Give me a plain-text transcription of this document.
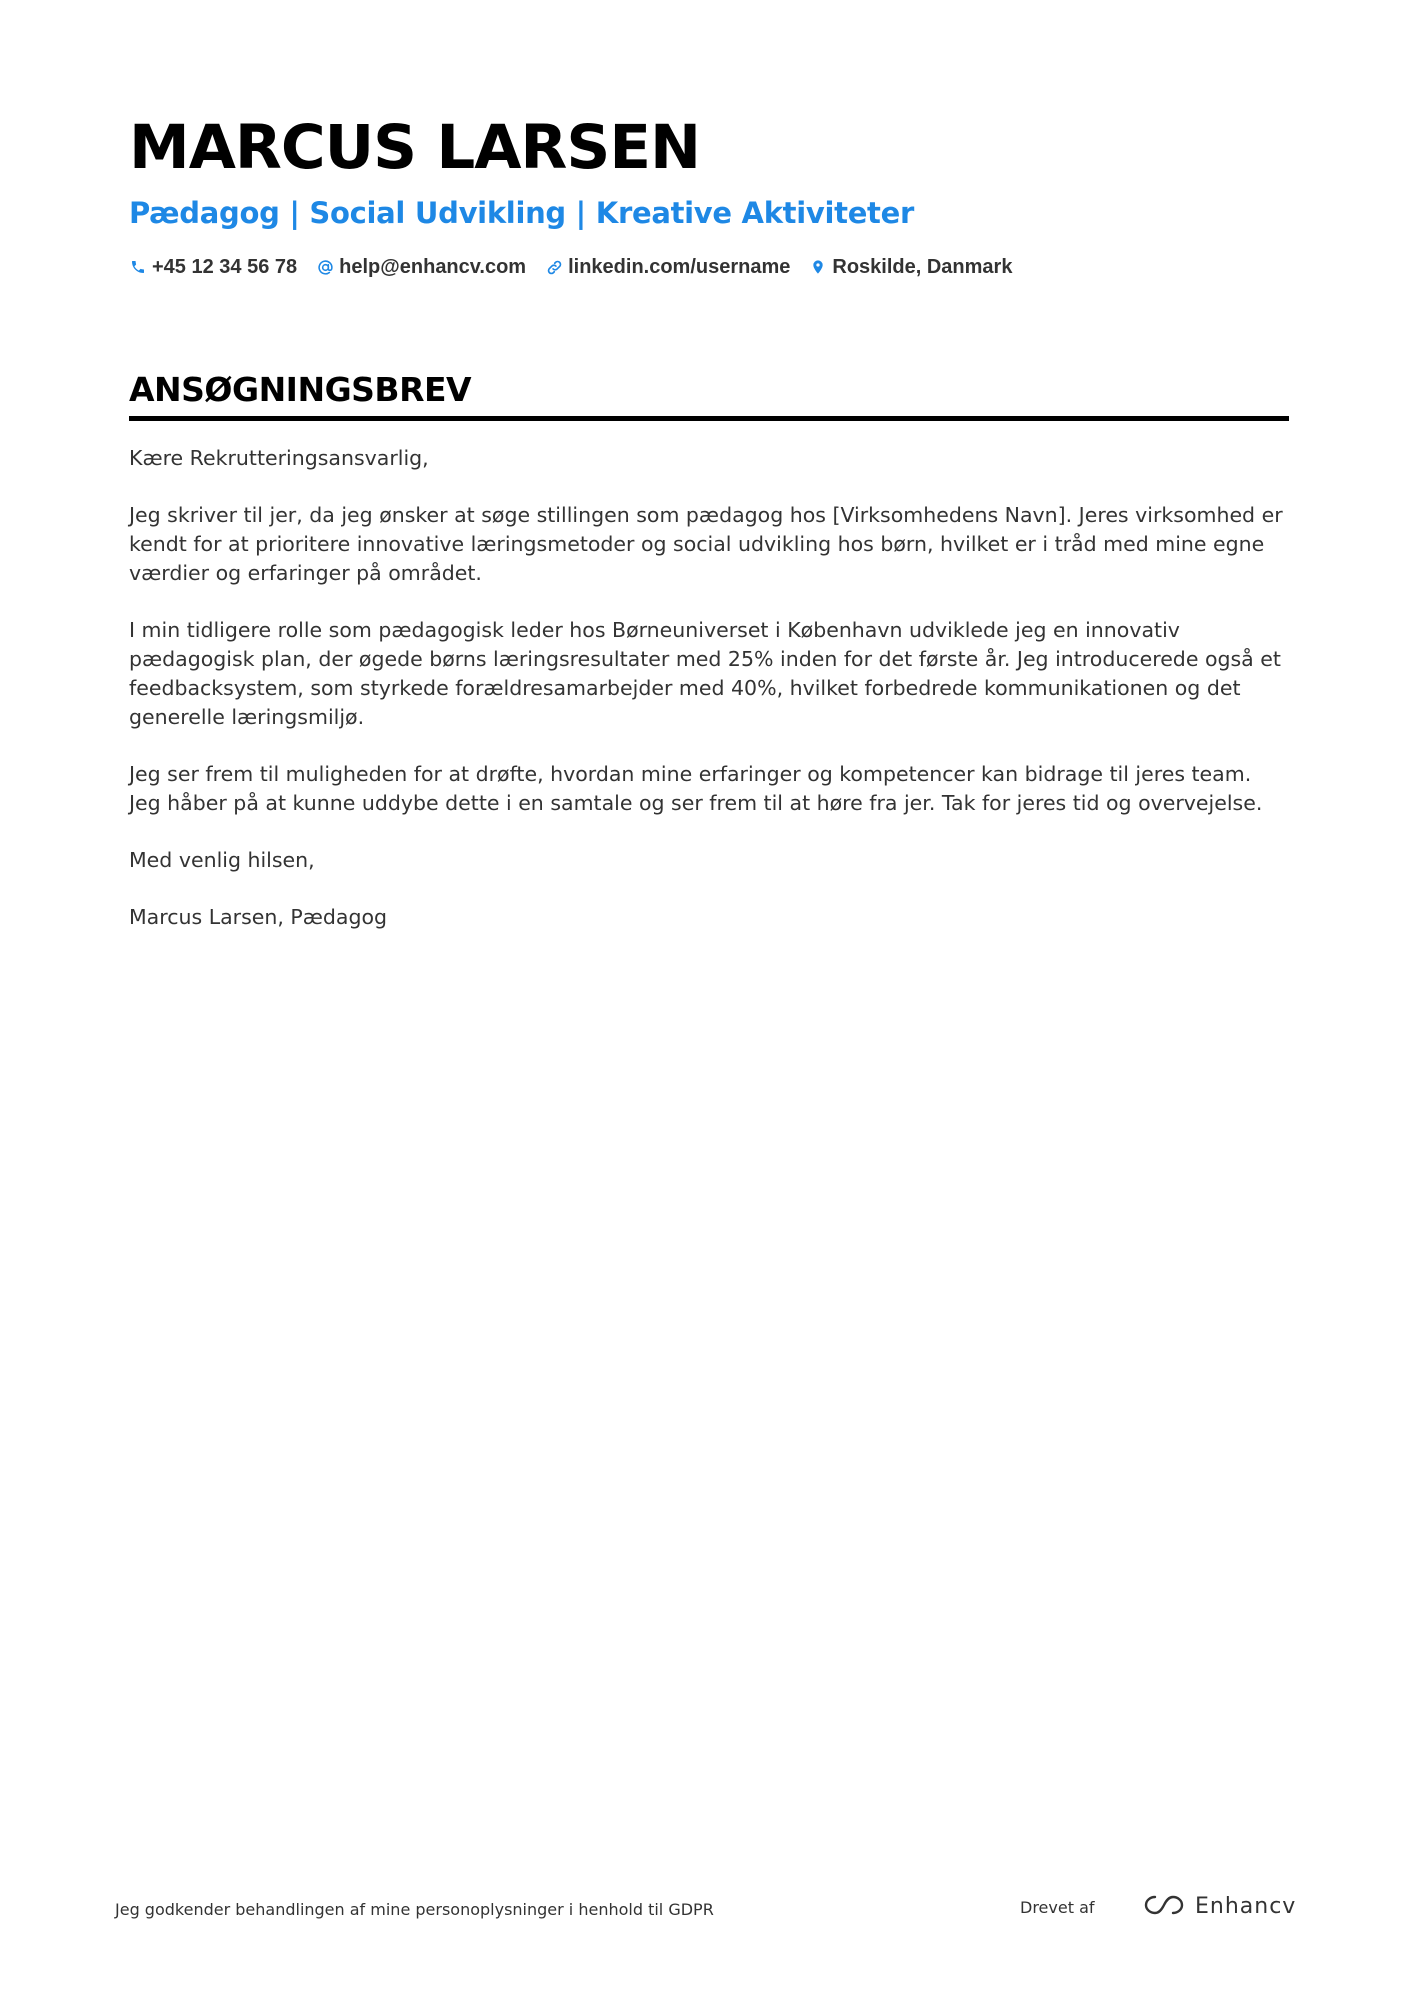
MARCUS LARSEN
Pædagog | Social Udvikling | Kreative Aktiviteter
+45 12 34 56 78 help@enhancv.com linkedin.com/username Roskilde, Danmark
ANSØGNINGSBREV

Kære Rekrutteringsansvarlig,

Jeg skriver til jer, da jeg ønsker at søge stillingen som pædagog hos [Virksomhedens Navn]. Jeres virksomhed er kendt for at prioritere innovative læringsmetoder og social udvikling hos børn, hvilket er i tråd med mine egne værdier og erfaringer på området.

I min tidligere rolle som pædagogisk leder hos Børneuniverset i København udviklede jeg en innovativ pædagogisk plan, der øgede børns læringsresultater med 25% inden for det første år. Jeg introducerede også et feedbacksystem, som styrkede forældresamarbejder med 40%, hvilket forbedrede kommunikationen og det generelle læringsmiljø.

Jeg ser frem til muligheden for at drøfte, hvordan mine erfaringer og kompetencer kan bidrage til jeres team. Jeg håber på at kunne uddybe dette i en samtale og ser frem til at høre fra jer. Tak for jeres tid og overvejelse.

Med venlig hilsen,

Marcus Larsen, Pædagog

Jeg godkender behandlingen af mine personoplysninger i henhold til GDPR	Drevet af	Enhancv
